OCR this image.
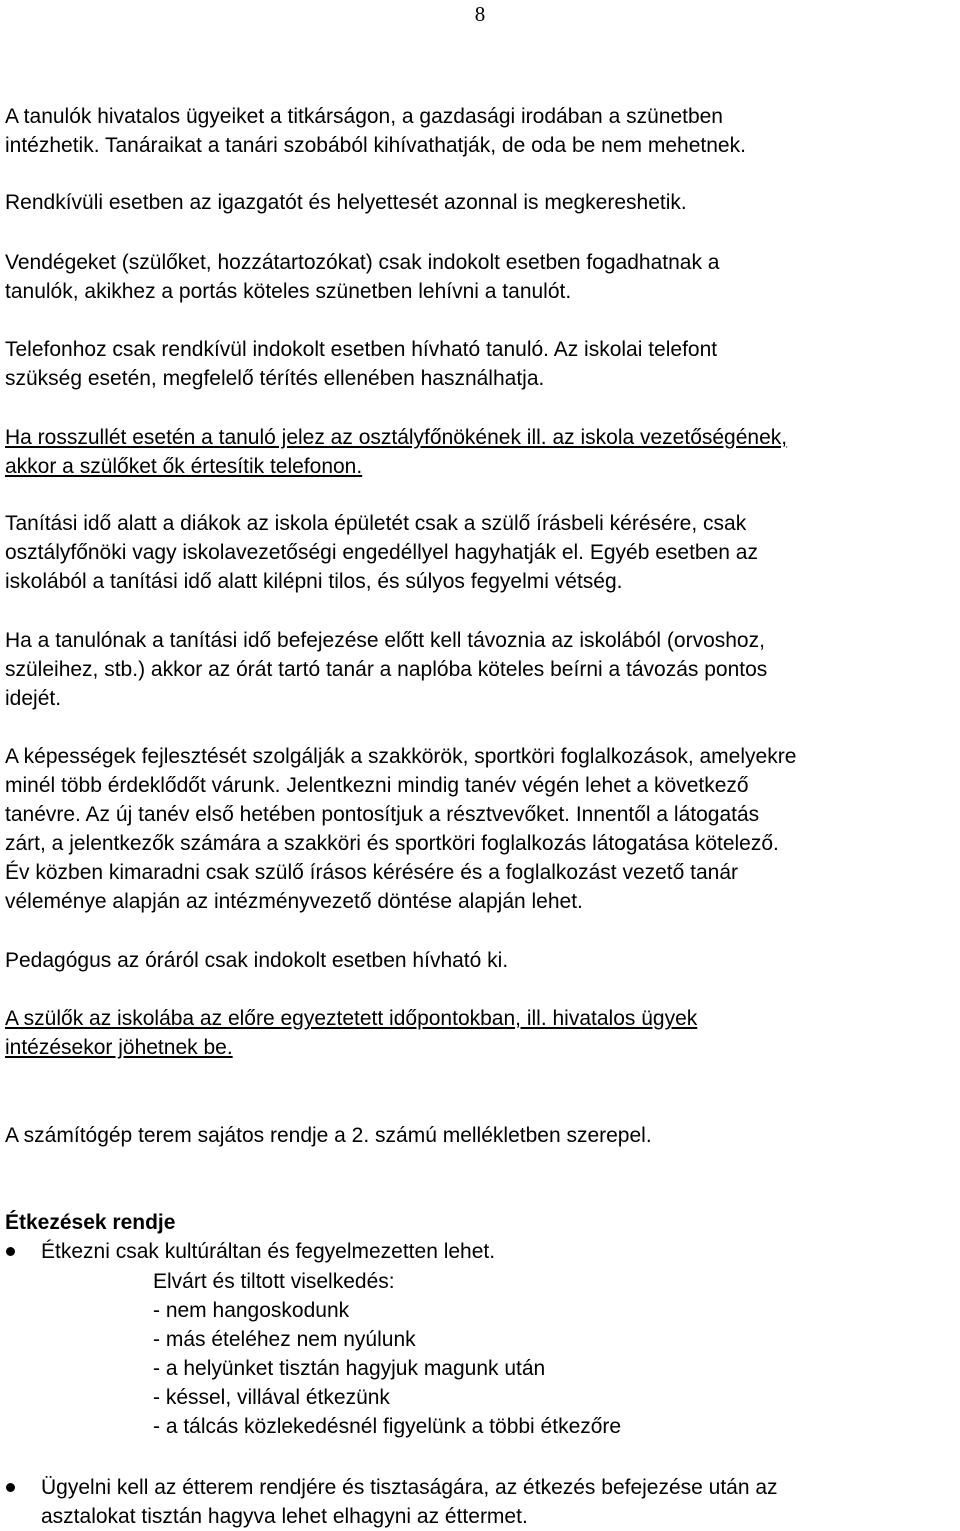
8
A tanulók hivatalos ügyeiket a titkárságon, a gazdasági irodában a szünetben
intézhetik. Tanáraikat a tanári szobából kihívathatják, de oda be nem mehetnek.
Rendkívüli esetben az igazgatót és helyettesét azonnal is megkereshetik.
Vendégeket (szülőket, hozzátartozókat) csak indokolt esetben fogadhatnak a
tanulók, akikhez a portás köteles szünetben lehívni a tanulót.
Telefonhoz csak rendkívül indokolt esetben hívható tanuló. Az iskolai telefont
szükség esetén, megfelelő térítés ellenében használhatja.
Ha rosszullét esetén a tanuló jelez az osztályfőnökének ill. az iskola vezetőségének,
akkor a szülőket ők értesítik telefonon.
Tanítási idő alatt a diákok az iskola épületét csak a szülő írásbeli kérésére, csak
osztályfőnöki vagy iskolavezetőségi engedéllyel hagyhatják el. Egyéb esetben az
iskolából a tanítási idő alatt kilépni tilos, és súlyos fegyelmi vétség.
Ha a tanulónak a tanítási idő befejezése előtt kell távoznia az iskolából (orvoshoz,
szüleihez, stb.) akkor az órát tartó tanár a naplóba köteles beírni a távozás pontos
idejét.
A képességek fejlesztését szolgálják a szakkörök, sportköri foglalkozások, amelyekre
minél több érdeklődőt várunk. Jelentkezni mindig tanév végén lehet a következő
tanévre. Az új tanév első hetében pontosítjuk a résztvevőket. Innentől a látogatás
zárt, a jelentkezők számára a szakköri és sportköri foglalkozás látogatása kötelező.
Év közben kimaradni csak szülő írásos kérésére és a foglalkozást vezető tanár
véleménye alapján az intézményvezető döntése alapján lehet.
Pedagógus az óráról csak indokolt esetben hívható ki.
A szülők az iskolába az előre egyeztetett időpontokban, ill. hivatalos ügyek
intézésekor jöhetnek be.
A számítógép terem sajátos rendje a 2. számú mellékletben szerepel.
Étkezések rendje
Étkezni csak kultúráltan és fegyelmezetten lehet.
Elvárt és tiltott viselkedés:
- nem hangoskodunk
- más ételéhez nem nyúlunk
- a helyünket tisztán hagyjuk magunk után
- késsel, villával étkezünk
- a tálcás közlekedésnél figyelünk a többi étkezőre
Ügyelni kell az étterem rendjére és tisztaságára, az étkezés befejezése után az
asztalokat tisztán hagyva lehet elhagyni az éttermet.
